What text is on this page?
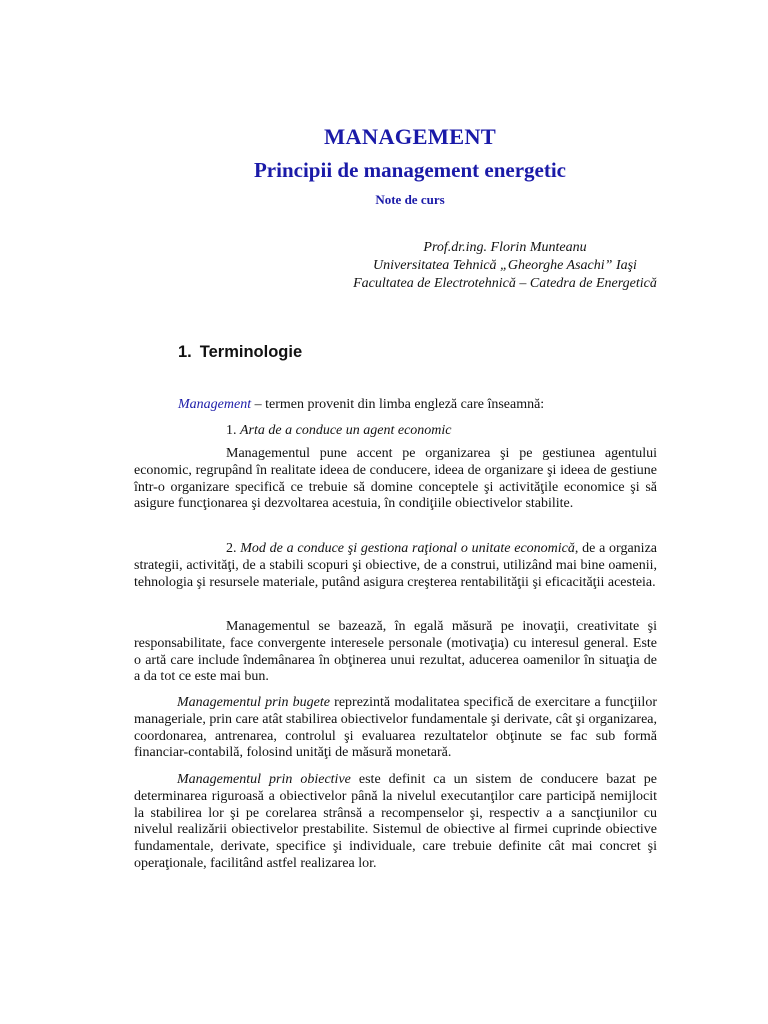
MANAGEMENT
Principii de management energetic
Note de curs
Prof.dr.ing. Florin Munteanu
Universitatea Tehnică „Gheorghe Asachi” Iaşi
Facultatea de Electrotehnică – Catedra de Energetică
1. Terminologie
Management – termen provenit din limba engleză care înseamnă:
1. Arta de a conduce un agent economic

Managementul pune accent pe organizarea şi pe gestiunea agentului economic, regrupând în realitate ideea de conducere, ideea de organizare şi ideea de gestiune într-o organizare specifică ce trebuie să domine conceptele şi activităţile economice şi să asigure funcţionarea şi dezvoltarea acestuia, în condiţiile obiectivelor stabilite.

2. Mod de a conduce şi gestiona raţional o unitate economică, de a organiza strategii, activităţi, de a stabili scopuri şi obiective, de a construi, utilizând mai bine oamenii, tehnologia şi resursele materiale, putând asigura creşterea rentabilităţii şi eficacităţii acesteia.

Managementul se bazează, în egală măsură pe inovaţii, creativitate şi responsabilitate, face convergente interesele personale (motivaţia) cu interesul general. Este o artă care include îndemânarea în obţinerea unui rezultat, aducerea oamenilor în situaţia de a da tot ce este mai bun.

Managementul prin bugete reprezintă modalitatea specifică de exercitare a funcţiilor manageriale, prin care atât stabilirea obiectivelor fundamentale şi derivate, cât şi organizarea, coordonarea, antrenarea, controlul şi evaluarea rezultatelor obţinute se fac sub formă financiar-contabilă, folosind unităţi de măsură monetară.

Managementul prin obiective este definit ca un sistem de conducere bazat pe determinarea riguroasă a obiectivelor până la nivelul executanţilor care participă nemijlocit la stabilirea lor şi pe corelarea strânsă a recompenselor şi, respectiv a a sancţiunilor cu nivelul realizării obiectivelor prestabilite. Sistemul de obiective al firmei cuprinde obiective fundamentale, derivate, specifice şi individuale, care trebuie definite cât mai concret şi operaţionale, facilitând astfel realizarea lor.
